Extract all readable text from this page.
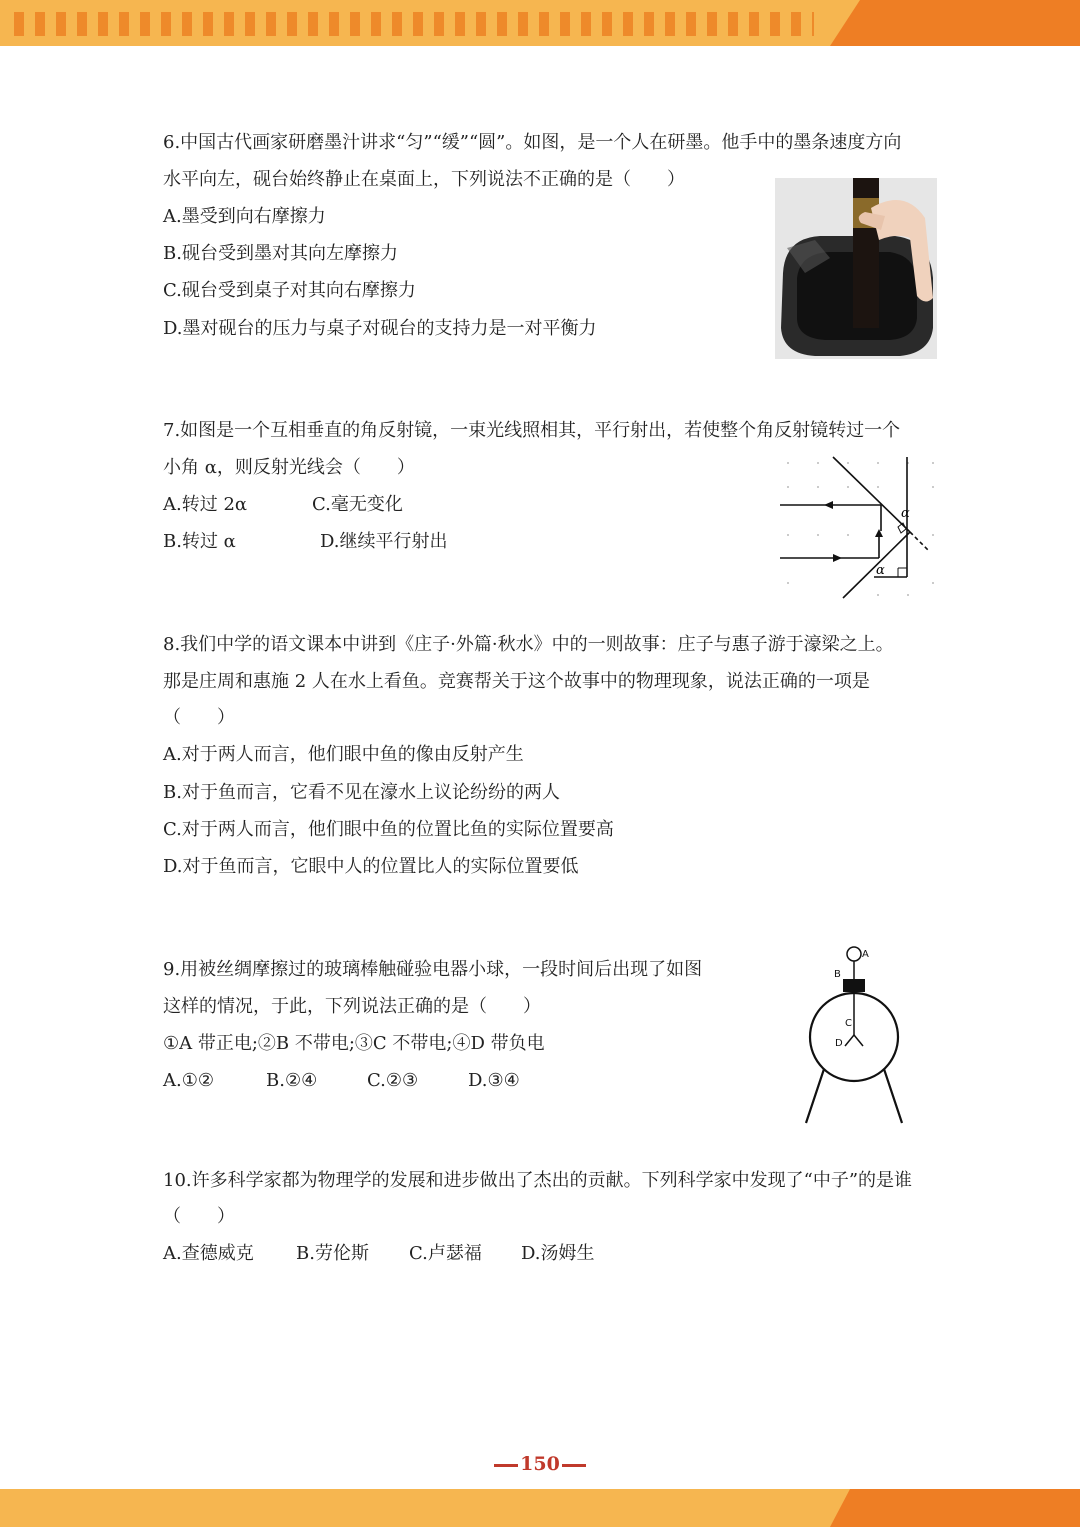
6.中国古代画家研磨墨汁讲求“匀”“缓”“圆”。如图，是一个人在研墨。他手中的墨条速度方向
水平向左，砚台始终静止在桌面上，下列说法不正确的是（　　）
A.墨受到向右摩擦力
B.砚台受到墨对其向左摩擦力
C.砚台受到桌子对其向右摩擦力
D.墨对砚台的压力与桌子对砚台的支持力是一对平衡力
7.如图是一个互相垂直的角反射镜，一束光线照相其，平行射出，若使整个角反射镜转过一个
小角 α，则反射光线会（　　）
A.转过 2α	C.毫无变化
B.转过 α	D.继续平行射出
α
α
8.我们中学的语文课本中讲到《庄子·外篇·秋水》中的一则故事：庄子与惠子游于濠梁之上。
那是庄周和惠施 2 人在水上看鱼。竞赛帮关于这个故事中的物理现象，说法正确的一项是
（　　）
A.对于两人而言，他们眼中鱼的像由反射产生
B.对于鱼而言，它看不见在濠水上议论纷纷的两人
C.对于两人而言，他们眼中鱼的位置比鱼的实际位置要高
D.对于鱼而言，它眼中人的位置比人的实际位置要低
9.用被丝绸摩擦过的玻璃棒触碰验电器小球，一段时间后出现了如图
这样的情况，于此，下列说法正确的是（　　）
①A 带正电;②B 不带电;③C 不带电;④D 带负电
A.①②	B.②④	C.②③	D.③④
A
B
C
D
10.许多科学家都为物理学的发展和进步做出了杰出的贡献。下列科学家中发现了“中子”的是谁
（　　）
A.查德威克 B.劳伦斯 C.卢瑟福 D.汤姆生
150
